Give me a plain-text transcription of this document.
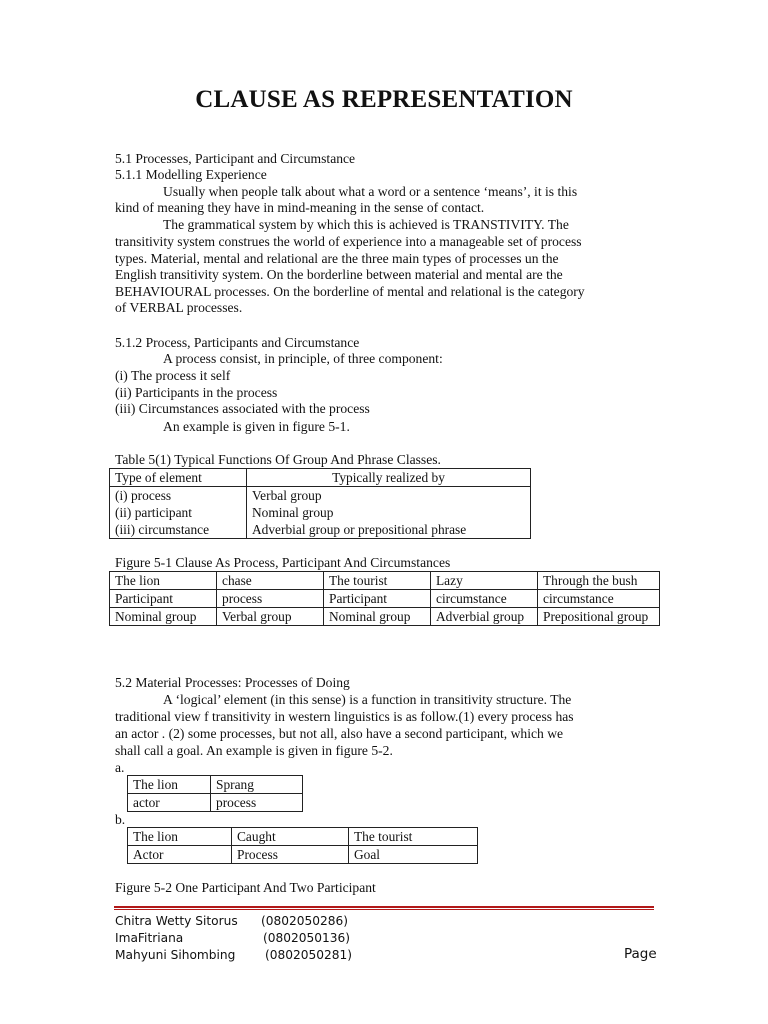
CLAUSE AS REPRESENTATION
5.1 Processes, Participant and Circumstance
5.1.1 Modelling Experience
Usually when people talk about what a word or a sentence ‘means’, it is this
kind of meaning they have in mind-meaning in the sense of contact.
The grammatical system by which this is achieved is TRANSTIVITY. The
transitivity system construes the world of experience into a manageable set of process
types. Material, mental and relational are the three main types of processes un the
English transitivity system. On the borderline between material and mental are the
BEHAVIOURAL processes. On the borderline of mental and relational is the category
of VERBAL processes.
5.1.2 Process, Participants and Circumstance
A process consist, in principle, of three component:
(i) The process it self
(ii) Participants in the process
(iii) Circumstances associated with the process
An example is given in figure 5-1.
Table 5(1) Typical Functions Of Group And Phrase Classes.
Type of element	Typically realized by
(i) process	Verbal group
(ii) participant	Nominal group
(iii) circumstance	Adverbial group or prepositional phrase
Figure 5-1 Clause As Process, Participant And Circumstances
The lion	chase	The tourist	Lazy	Through the bush
Participant	process	Participant	circumstance	circumstance
Nominal group	Verbal group	Nominal group	Adverbial group	Prepositional group
5.2 Material Processes: Processes of Doing
A ‘logical’ element (in this sense) is a function in transitivity structure. The
traditional view f transitivity in western linguistics is as follow.(1) every process has
an actor . (2) some processes, but not all, also have a second participant, which we
shall call a goal. An example is given in figure 5-2.
a.
The lion	Sprang
actor	process
b.
The lion	Caught	The tourist
Actor	Process	Goal
Figure 5-2 One Participant And Two Participant
Chitra Wetty Sitorus (0802050286)
ImaFitriana	(0802050136)
Mahyuni Sihombing (0802050281)	Page
